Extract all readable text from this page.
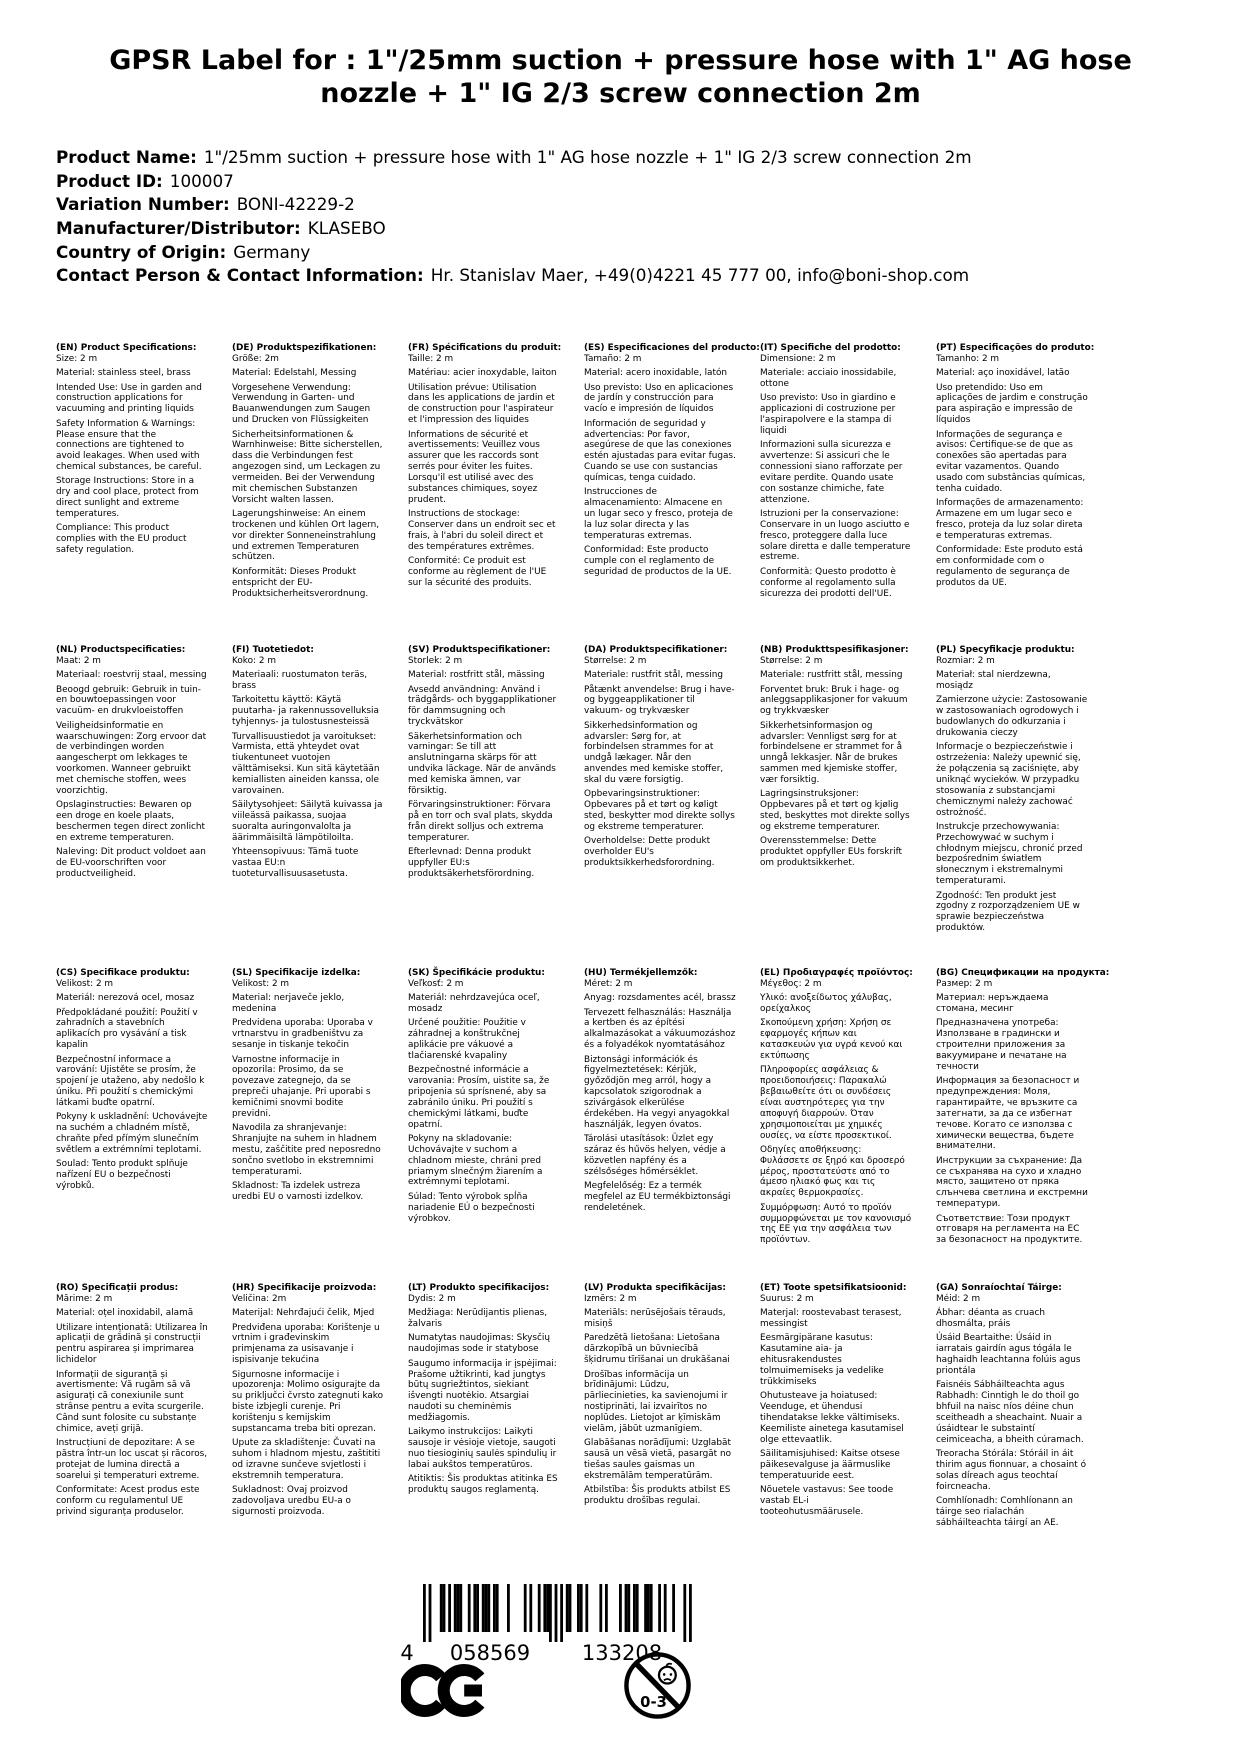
GPSR Label for : 1"/25mm suction + pressure hose with 1" AG hose nozzle + 1" IG 2/3 screw connection 2m
Product Name: 1"/25mm suction + pressure hose with 1" AG hose nozzle + 1" IG 2/3 screw connection 2m
Product ID: 100007
Variation Number: BONI-42229-2
Manufacturer/Distributor: KLASEBO
Country of Origin: Germany
Contact Person & Contact Information: Hr. Stanislav Maer, +49(0)4221 45 777 00, info@boni-shop.com
(EN) Product Specifications:

Size: 2 m

Material: stainless steel, brass

Intended Use: Use in garden and construction applications for vacuuming and printing liquids

Safety Information & Warnings: Please ensure that the connections are tightened to avoid leakages. When used with chemical substances, be careful.

Storage Instructions: Store in a dry and cool place, protect from direct sunlight and extreme temperatures.

Compliance: This product complies with the EU product safety regulation.

(DE) Produktspezifikationen:

Größe: 2m

Material: Edelstahl, Messing

Vorgesehene Verwendung: Verwendung in Garten- und Bauanwendungen zum Saugen und Drucken von Flüssigkeiten

Sicherheitsinformationen & Warnhinweise: Bitte sicherstellen, dass die Verbindungen fest angezogen sind, um Leckagen zu vermeiden. Bei der Verwendung mit chemischen Substanzen Vorsicht walten lassen.

Lagerungshinweise: An einem trockenen und kühlen Ort lagern, vor direkter Sonneneinstrahlung und extremen Temperaturen schützen.

Konformität: Dieses Produkt entspricht der EU-Produktsicherheitsverordnung.

(FR) Spécifications du produit:

Taille: 2 m

Matériau: acier inoxydable, laiton

Utilisation prévue: Utilisation dans les applications de jardin et de construction pour l'aspirateur et l'impression des liquides

Informations de sécurité et avertissements: Veuillez vous assurer que les raccords sont serrés pour éviter les fuites. Lorsqu'il est utilisé avec des substances chimiques, soyez prudent.

Instructions de stockage: Conserver dans un endroit sec et frais, à l'abri du soleil direct et des températures extrêmes.

Conformité: Ce produit est conforme au règlement de l'UE sur la sécurité des produits.

(ES) Especificaciones del producto:

Tamaño: 2 m

Material: acero inoxidable, latón

Uso previsto: Uso en aplicaciones de jardín y construcción para vacío e impresión de líquidos

Información de seguridad y advertencias: Por favor, asegúrese de que las conexiones estén ajustadas para evitar fugas. Cuando se use con sustancias químicas, tenga cuidado.

Instrucciones de almacenamiento: Almacene en un lugar seco y fresco, proteja de la luz solar directa y las temperaturas extremas.

Conformidad: Este producto cumple con el reglamento de seguridad de productos de la UE.

(IT) Specifiche del prodotto:

Dimensione: 2 m

Materiale: acciaio inossidabile, ottone

Uso previsto: Uso in giardino e applicazioni di costruzione per l'aspirapolvere e la stampa di liquidi

Informazioni sulla sicurezza e avvertenze: Si assicuri che le connessioni siano rafforzate per evitare perdite. Quando usate con sostanze chimiche, fate attenzione.

Istruzioni per la conservazione: Conservare in un luogo asciutto e fresco, proteggere dalla luce solare diretta e dalle temperature estreme.

Conformità: Questo prodotto è conforme al regolamento sulla sicurezza dei prodotti dell'UE.

(PT) Especificações do produto:

Tamanho: 2 m

Material: aço inoxidável, latão

Uso pretendido: Uso em aplicações de jardim e construção para aspiração e impressão de líquidos

Informações de segurança e avisos: Certifique-se de que as conexões são apertadas para evitar vazamentos. Quando usado com substâncias químicas, tenha cuidado.

Informações de armazenamento: Armazene em um lugar seco e fresco, proteja da luz solar direta e temperaturas extremas.

Conformidade: Este produto está em conformidade com o regulamento de segurança de produtos da UE.

(NL) Productspecificaties:

Maat: 2 m

Materiaal: roestvrij staal, messing

Beoogd gebruik: Gebruik in tuin- en bouwtoepassingen voor vacuüm- en drukvloeistoffen

Veiligheidsinformatie en waarschuwingen: Zorg ervoor dat de verbindingen worden aangescherpt om lekkages te voorkomen. Wanneer gebruikt met chemische stoffen, wees voorzichtig.

Opslaginstructies: Bewaren op een droge en koele plaats, beschermen tegen direct zonlicht en extreme temperaturen.

Naleving: Dit product voldoet aan de EU-voorschriften voor productveiligheid.

(FI) Tuotetiedot:

Koko: 2 m

Materiaali: ruostumaton teräs, brass

Tarkoitettu käyttö: Käytä puutarha- ja rakennussovelluksia tyhjennys- ja tulostusnesteissä

Turvallisuustiedot ja varoitukset: Varmista, että yhteydet ovat tiukentuneet vuotojen välttämiseksi. Kun sitä käytetään kemiallisten aineiden kanssa, ole varovainen.

Säilytysohjeet: Säilytä kuivassa ja viileässä paikassa, suojaa suoralta auringonvalolta ja äärimmäisiltä lämpötiloilta.

Yhteensopivuus: Tämä tuote vastaa EU:n tuoteturvallisuusasetusta.

(SV) Produktspecifikationer:

Storlek: 2 m

Material: rostfritt stål, mässing

Avsedd användning: Använd i trädgårds- och byggapplikationer för dammsugning och tryckvätskor

Säkerhetsinformation och varningar: Se till att anslutningarna skärps för att undvika läckage. När de används med kemiska ämnen, var försiktig.

Förvaringsinstruktioner: Förvara på en torr och sval plats, skydda från direkt solljus och extrema temperaturer.

Efterlevnad: Denna produkt uppfyller EU:s produktsäkerhetsförordning.

(DA) Produktspecifikationer:

Størrelse: 2 m

Materiale: rustfrit stål, messing

Påtænkt anvendelse: Brug i have- og byggeapplikationer til vakuum- og trykvæsker

Sikkerhedsinformation og advarsler: Sørg for, at forbindelsen strammes for at undgå lækager. Når den anvendes med kemiske stoffer, skal du være forsigtig.

Opbevaringsinstruktioner: Opbevares på et tørt og køligt sted, beskytter mod direkte sollys og ekstreme temperaturer.

Overholdelse: Dette produkt overholder EU's produktsikkerhedsforordning.

(NB) Produkttspesifikasjoner:

Størrelse: 2 m

Materiale: rustfritt stål, messing

Forventet bruk: Bruk i hage- og anleggsapplikasjoner for vakuum og trykkvæsker

Sikkerhetsinformasjon og advarsler: Vennligst sørg for at forbindelsene er strammet for å unngå lekkasjer. Når de brukes sammen med kjemiske stoffer, vær forsiktig.

Lagringsinstruksjoner: Oppbevares på et tørt og kjølig sted, beskyttes mot direkte sollys og ekstreme temperaturer.

Overensstemmelse: Dette produktet oppfyller EUs forskrift om produktsikkerhet.

(PL) Specyfikacje produktu:

Rozmiar: 2 m

Materiał: stal nierdzewna, mosiądz

Zamierzone użycie: Zastosowanie w zastosowaniach ogrodowych i budowlanych do odkurzania i drukowania cieczy

Informacje o bezpieczeństwie i ostrzeżenia: Należy upewnić się, że połączenia są zaciśnięte, aby uniknąć wycieków. W przypadku stosowania z substancjami chemicznymi należy zachować ostrożność.

Instrukcje przechowywania: Przechowywać w suchym i chłodnym miejscu, chronić przed bezpośrednim światłem słonecznym i ekstremalnymi temperaturami.

Zgodność: Ten produkt jest zgodny z rozporządzeniem UE w sprawie bezpieczeństwa produktów.

(CS) Specifikace produktu:

Velikost: 2 m

Materiál: nerezová ocel, mosaz

Předpokládané použití: Použití v zahradních a stavebních aplikacích pro vysávání a tisk kapalin

Bezpečnostní informace a varování: Ujistěte se prosím, že spojení je utaženo, aby nedošlo k úniku. Při použití s chemickými látkami buďte opatrní.

Pokyny k uskladnění: Uchovávejte na suchém a chladném místě, chraňte před přímým slunečním světlem a extrémními teplotami.

Soulad: Tento produkt splňuje nařízení EU o bezpečnosti výrobků.

(SL) Specifikacije izdelka:

Velikost: 2 m

Material: nerjaveče jeklo, medenina

Predvidena uporaba: Uporaba v vrtnarstvu in gradbeništvu za sesanje in tiskanje tekočin

Varnostne informacije in opozorila: Prosimo, da se povezave zategnejo, da se prepreči uhajanje. Pri uporabi s kemičnimi snovmi bodite previdni.

Navodila za shranjevanje: Shranjujte na suhem in hladnem mestu, zaščitite pred neposredno sončno svetlobo in ekstremnimi temperaturami.

Skladnost: Ta izdelek ustreza uredbi EU o varnosti izdelkov.

(SK) Špecifikácie produktu:

Veľkosť: 2 m

Materiál: nehrdzavejúca oceľ, mosadz

Určené použitie: Použitie v záhradnej a konštrukčnej aplikácie pre vákuové a tlačiarenské kvapaliny

Bezpečnostné informácie a varovania: Prosím, uistite sa, že pripojenia sú sprísnené, aby sa zabránilo úniku. Pri použití s chemickými látkami, buďte opatrní.

Pokyny na skladovanie: Uchovávajte v suchom a chladnom mieste, chráni pred priamym slnečným žiarením a extrémnymi teplotami.

Súlad: Tento výrobok spĺňa nariadenie EÚ o bezpečnosti výrobkov.

(HU) Termékjellemzők:

Méret: 2 m

Anyag: rozsdamentes acél, brassz

Tervezett felhasználás: Használja a kertben és az építési alkalmazásokat a vákuumozáshoz és a folyadékok nyomtatásához

Biztonsági információk és figyelmeztetések: Kérjük, győződjön meg arról, hogy a kapcsolatok szigorodnak a szivárgások elkerülése érdekében. Ha vegyi anyagokkal használják, legyen óvatos.

Tárolási utasítások: Üzlet egy száraz és hűvös helyen, védje a közvetlen napfény és a szélsőséges hőmérséklet.

Megfelelőség: Ez a termék megfelel az EU termékbiztonsági rendeletének.

(EL) Προδιαγραφές προϊόντος:

Μέγεθος: 2 m

Υλικό: ανοξείδωτος χάλυβας, ορείχαλκος

Σκοπούμενη χρήση: Χρήση σε εφαρμογές κήπων και κατασκευών για υγρά κενού και εκτύπωσης

Πληροφορίες ασφάλειας & προειδοποιήσεις: Παρακαλώ βεβαιωθείτε ότι οι συνδέσεις είναι αυστηρότερες για την αποφυγή διαρροών. Όταν χρησιμοποιείται με χημικές ουσίες, να είστε προσεκτικοί.

Οδηγίες αποθήκευσης: Φυλάσσετε σε ξηρό και δροσερό μέρος, προστατεύστε από το άμεσο ηλιακό φως και τις ακραίες θερμοκρασίες.

Συμμόρφωση: Αυτό το προϊόν συμμορφώνεται με τον κανονισμό της ΕΕ για την ασφάλεια των προϊόντων.

(BG) Спецификации на продукта:

Размер: 2 m

Материал: неръждаема стомана, месинг

Предназначена употреба: Използване в градински и строителни приложения за вакуумиране и печатане на течности

Информация за безопасност и предупреждения: Моля, гарантирайте, че връзките са затегнати, за да се избегнат течове. Когато се използва с химически вещества, бъдете внимателни.

Инструкции за съхранение: Да се съхранява на сухо и хладно място, защитено от пряка слънчева светлина и екстремни температури.

Съответствие: Този продукт отговаря на регламента на ЕС за безопасност на продуктите.

(RO) Specificații produs:

Mărime: 2 m

Material: oțel inoxidabil, alamă

Utilizare intenționată: Utilizarea în aplicații de grădină și construcții pentru aspirarea și imprimarea lichidelor

Informații de siguranță și avertismente: Vă rugăm să vă asigurați că conexiunile sunt strânse pentru a evita scurgerile. Când sunt folosite cu substanțe chimice, aveți grijă.

Instrucțiuni de depozitare: A se păstra într-un loc uscat și răcoros, protejat de lumina directă a soarelui și temperaturi extreme.

Conformitate: Acest produs este conform cu regulamentul UE privind siguranța produselor.

(HR) Specifikacije proizvoda:

Veličina: 2m

Materijal: Nehrđajući čelik, Mjed

Predviđena uporaba: Korištenje u vrtnim i građevinskim primjenama za usisavanje i ispisivanje tekućina

Sigurnosne informacije i upozorenja: Molimo osigurajte da su priključci čvrsto zategnuti kako biste izbjegli curenje. Pri korištenju s kemijskim supstancama treba biti oprezan.

Upute za skladištenje: Čuvati na suhom i hladnom mjestu, zaštititi od izravne sunčeve svjetlosti i ekstremnih temperatura.

Sukladnost: Ovaj proizvod zadovoljava uredbu EU-a o sigurnosti proizvoda.

(LT) Produkto specifikacijos:

Dydis: 2 m

Medžiaga: Nerūdijantis plienas, žalvaris

Numatytas naudojimas: Skysčių naudojimas sode ir statybose

Saugumo informacija ir įspėjimai: Prašome užtikrinti, kad jungtys būtų sugriežtintos, siekiant išvengti nuotėkio. Atsargiai naudoti su cheminėmis medžiagomis.

Laikymo instrukcijos: Laikyti sausoje ir vėsioje vietoje, saugoti nuo tiesioginių saulės spindulių ir labai aukštos temperatūros.

Atitiktis: Šis produktas atitinka ES produktų saugos reglamentą.

(LV) Produkta specifikācijas:

Izmērs: 2 m

Materiāls: nerūsējošais tērauds, misiņš

Paredzētā lietošana: Lietošana dārzkopībā un būvniecībā šķidrumu tīrīšanai un drukāšanai

Drošības informācija un brīdinājumi: Lūdzu, pārliecinieties, ka savienojumi ir nostiprināti, lai izvairītos no noplūdes. Lietojot ar ķīmiskām vielām, jābūt uzmanīgiem.

Glabāšanas norādījumi: Uzglabāt sausā un vēsā vietā, pasargāt no tiešas saules gaismas un ekstremālām temperatūrām.

Atbilstība: Šis produkts atbilst ES produktu drošības regulai.

(ET) Toote spetsifikatsioonid:

Suurus: 2 m

Materjal: roostevabast terasest, messingist

Eesmärgipärane kasutus: Kasutamine aia- ja ehitusrakendustes tolmuimemiseks ja vedelike trükkimiseks

Ohutusteave ja hoiatused: Veenduge, et ühendusi tihendatakse lekke vältimiseks. Keemiliste ainetega kasutamisel olge ettevaatlik.

Säilitamisjuhised: Kaitse otsese päikesevalguse ja äärmuslike temperatuuride eest.

Nõuetele vastavus: See toode vastab EL-i tooteohutusmäärusele.

(GA) Sonraíochtaí Táirge:

Méid: 2 m

Ábhar: déanta as cruach dhosmálta, práis

Úsáid Beartaithe: Úsáid in iarratais gairdín agus tógála le haghaidh leachtanna folúis agus priontála

Faisnéis Sábháilteachta agus Rabhadh: Cinntigh le do thoil go bhfuil na naisc níos déine chun sceitheadh a sheachaint. Nuair a úsáidtear le substaintí ceimiceacha, a bheith cúramach.

Treoracha Stórála: Stóráil in áit thirim agus fionnuar, a chosaint ó solas díreach agus teochtaí foircneacha.

Comhlíonadh: Comhlíonann an táirge seo rialachán sábháilteachta táirgí an AE.

4 058569 133208
0-3
